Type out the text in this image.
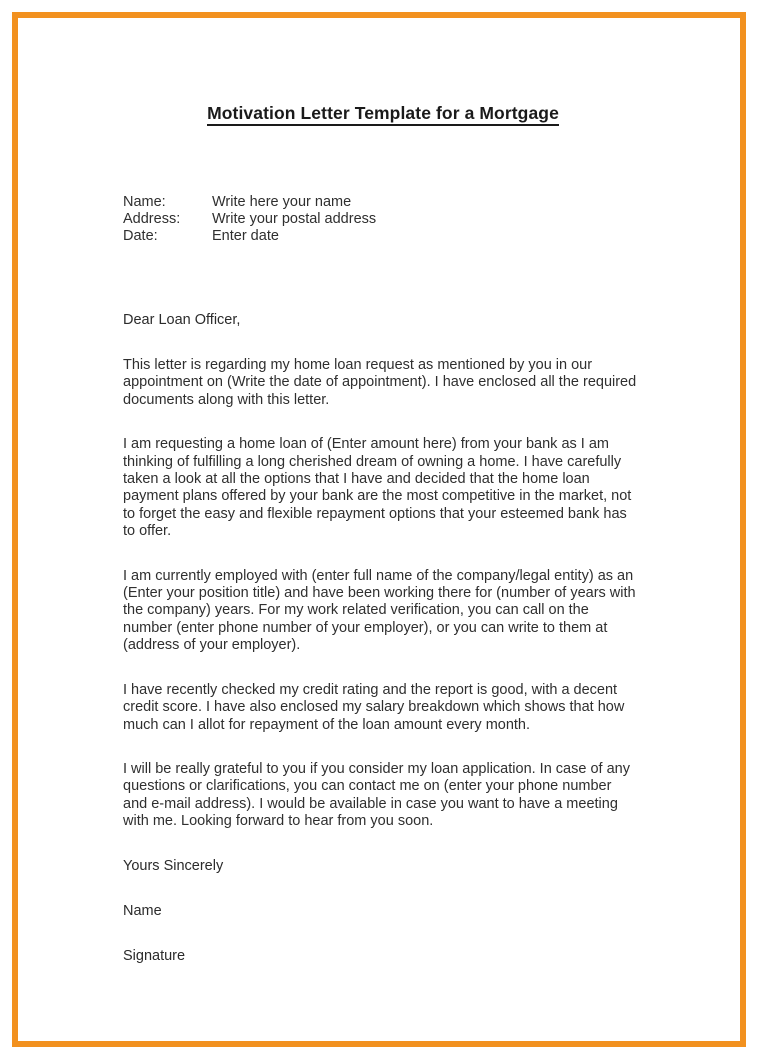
Motivation Letter Template for a Mortgage
Name:	Write here your name
Address:	Write your postal address
Date:	Enter date

Dear Loan Officer,

This letter is regarding my home loan request as mentioned by you in our appointment on (Write the date of appointment). I have enclosed all the required documents along with this letter.

I am requesting a home loan of (Enter amount here) from your bank as I am thinking of fulfilling a long cherished dream of owning a home. I have carefully taken a look at all the options that I have and decided that the home loan payment plans offered by your bank are the most competitive in the market, not to forget the easy and flexible repayment options that your esteemed bank has to offer.

I am currently employed with (enter full name of the company/legal entity) as an (Enter your position title) and have been working there for (number of years with the company) years. For my work related verification, you can call on the number (enter phone number of your employer), or you can write to them at (address of your employer).

I have recently checked my credit rating and the report is good, with a decent credit score. I have also enclosed my salary breakdown which shows that how much can I allot for repayment of the loan amount every month.

I will be really grateful to you if you consider my loan application. In case of any questions or clarifications, you can contact me on (enter your phone number and e-mail address). I would be available in case you want to have a meeting with me. Looking forward to hear from you soon.

Yours Sincerely

Name

Signature
